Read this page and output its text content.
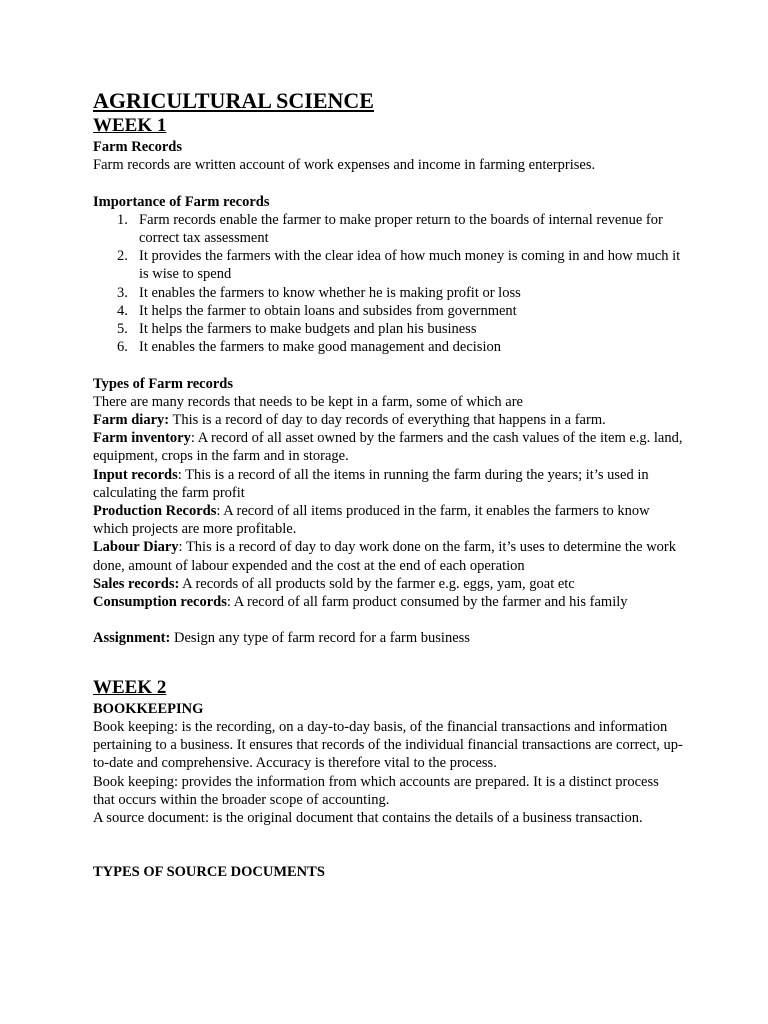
AGRICULTURAL SCIENCE
WEEK 1

Farm Records

Farm records are written account of work expenses and income in farming enterprises.

Importance of Farm records

1. Farm records enable the farmer to make proper return to the boards of internal revenue for correct tax assessment
2. It provides the farmers with the clear idea of how much money is coming in and how much it is wise to spend
3. It enables the farmers to know whether he is making profit or loss
4. It helps the farmer to obtain loans and subsides from government
5. It helps the farmers to make budgets and plan his business
6. It enables the farmers to make good management and decision

Types of Farm records

There are many records that needs to be kept in a farm, some of which are

Farm diary: This is a record of day to day records of everything that happens in a farm.

Farm inventory: A record of all asset owned by the farmers and the cash values of the item e.g. land, equipment, crops in the farm and in storage.

Input records: This is a record of all the items in running the farm during the years; it’s used in calculating the farm profit

Production Records: A record of all items produced in the farm, it enables the farmers to know which projects are more profitable.

Labour Diary: This is a record of day to day work done on the farm, it’s uses to determine the work done, amount of labour expended and the cost at the end of each operation

Sales records: A records of all products sold by the farmer e.g. eggs, yam, goat etc

Consumption records: A record of all farm product consumed by the farmer and his family

Assignment: Design any type of farm record for a farm business

WEEK 2

BOOKKEEPING

Book keeping: is the recording, on a day-to-day basis, of the financial transactions and information pertaining to a business. It ensures that records of the individual financial transactions are correct, up-to-date and comprehensive. Accuracy is therefore vital to the process.

Book keeping: provides the information from which accounts are prepared. It is a distinct process that occurs within the broader scope of accounting.

A source document: is the original document that contains the details of a business transaction.

TYPES OF SOURCE DOCUMENTS
